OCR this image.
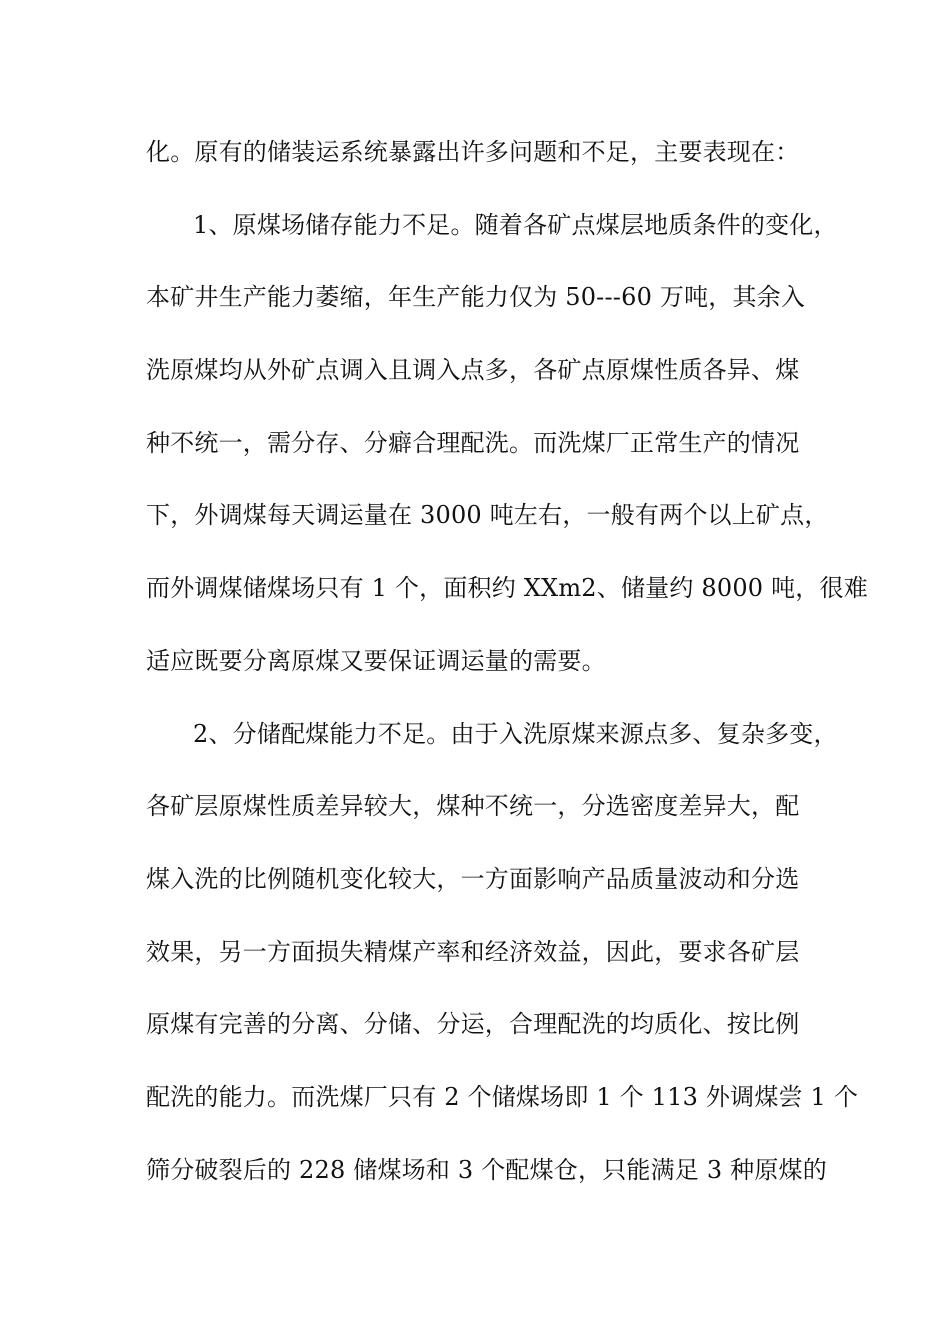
化。原有的储装运系统暴露出许多问题和不足，主要表现在：
1、原煤场储存能力不足。随着各矿点煤层地质条件的变化，
本矿井生产能力萎缩，年生产能力仅为 50---60 万吨，其余入
洗原煤均从外矿点调入且调入点多，各矿点原煤性质各异、煤
种不统一，需分存、分癖合理配洗。而洗煤厂正常生产的情况
下，外调煤每天调运量在 3000 吨左右，一般有两个以上矿点，
而外调煤储煤场只有 1 个，面积约 XXm2、储量约 8000 吨，很难
适应既要分离原煤又要保证调运量的需要。
2、分储配煤能力不足。由于入洗原煤来源点多、复杂多变，
各矿层原煤性质差异较大，煤种不统一，分选密度差异大，配
煤入洗的比例随机变化较大，一方面影响产品质量波动和分选
效果，另一方面损失精煤产率和经济效益，因此，要求各矿层
原煤有完善的分离、分储、分运，合理配洗的均质化、按比例
配洗的能力。而洗煤厂只有 2 个储煤场即 1 个 113 外调煤尝 1 个
筛分破裂后的 228 储煤场和 3 个配煤仓，只能满足 3 种原煤的
